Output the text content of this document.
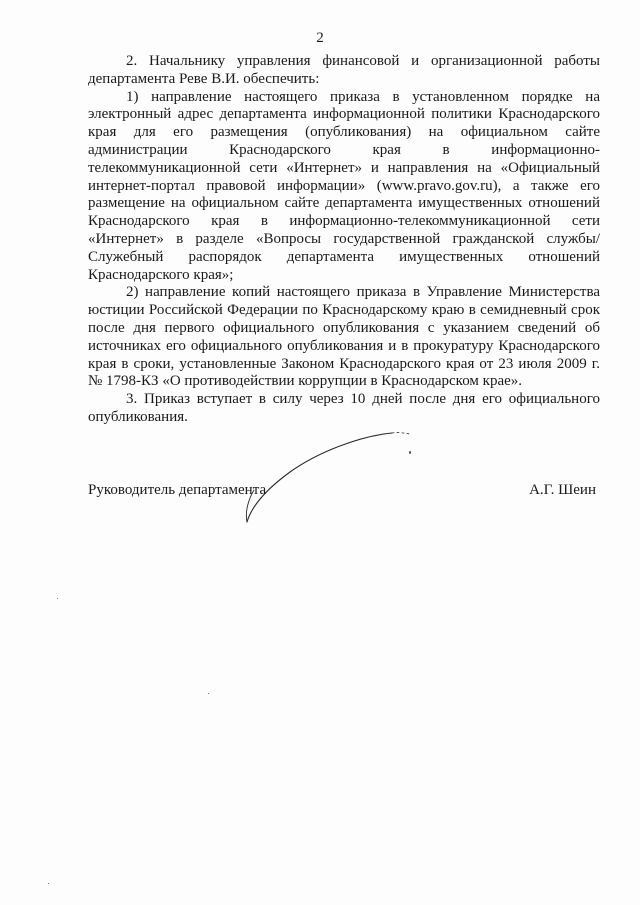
2

2. Начальнику управления финансовой и организационной работы департамента Реве В.И. обеспечить:

1) направление настоящего приказа в установленном порядке на электронный адрес департамента информационной политики Краснодарского края для его размещения (опубликования) на официальном сайте администрации Краснодарского края в информационно-телекоммуникационной сети «Интернет» и направления на «Официальный интернет-портал правовой информации» (www.pravo.gov.ru), а также его размещение на официальном сайте департамента имущественных отношений Краснодарского края в информационно-телекоммуникационной сети «Интернет» в разделе «Вопросы государственной гражданской службы/Служебный распорядок департамента имущественных отношений Краснодарского края»;

2) направление копий настоящего приказа в Управление Министерства юстиции Российской Федерации по Краснодарскому краю в семидневный срок после дня первого официального опубликования с указанием сведений об источниках его официального опубликования и в прокуратуру Краснодарского края в сроки, установленные Законом Краснодарского края от 23 июля 2009 г. № 1798-КЗ «О противодействии коррупции в Краснодарском крае».

3. Приказ вступает в силу через 10 дней после дня его официального опубликования.

Руководитель департамента	А.Г. Шеин
